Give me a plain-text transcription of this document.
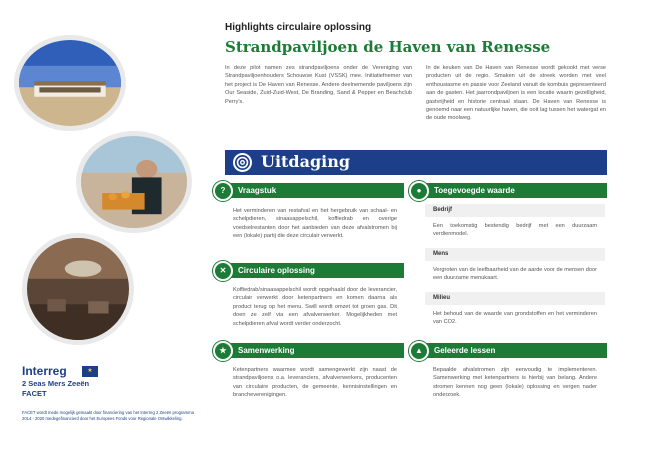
Interreg	★
2 Seas Mers Zeeën
FACET
FACET wordt mede mogelijk gemaakt door financiering van het Interreg 2 Zeeën programma 2014 - 2020 medegefinancierd door het Europees Fonds voor Regionale Ontwikkeling.
Highlights circulaire oplossing
Strandpaviljoen de Haven van Renesse
In deze pilot namen zes strandpaviljoens onder de Vereniging van Strandpaviljoenhouders Schouwse Kust (VSSK) mee. Initiatiefnemer van het project is De Haven van Renesse. Andere deelnemende paviljoens zijn Our Seaside, Zuid-Zuid-West, De Branding, Sand & Pepper en Beachclub Perry's.
In de keuken van De Haven van Renesse wordt gekookt met verse producten uit de regio. Smaken uit de streek worden met veel enthousiasme en passie voor Zeeland vanuit de kombuis gepresenteerd aan de gasten. Het jaarrondpaviljoen is een locatie waarin gezelligheid, gastvrijheid en historie centraal staan. De Haven van Renesse is genoemd naar een natuurlijke haven, die ooit lag tussen het watergat en de oude moolweg.
Uitdaging
Vraagstuk
?
Het verminderen van restafval en het hergebruik van schaal- en schelpdieren, sinaasappelschil, koffiedrab en overige voedselrestanten door het aanbieden van deze afvalstromen bij een (lokale) partij die deze circulair verwerkt.
Circulaire oplossing
✕
Koffiedrab/sinaasappelschil wordt opgehaald door de leverancier, circulair verwerkt door ketenpartners en komen daarna als product terug op het menu. Swill wordt omzet tot groen gas. Dit doen ze zelf via een afvalverwerker. Mogelijkheden met schelpdieren afval wordt verder onderzocht.
Samenwerking
★
Ketenpartners waarmee wordt samengewerkt zijn naast de strandpaviljoens o.a. leveranciers, afvalverwerkers, producenten van circulaire producten, de gemeente, kennisinstellingen en brancheverenigingen.
Toegevoegde waarde
●
Bedrijf
Een toekomstig bestendig bedrijf met een duurzaam verdienmodel.
Mens
Vergroten van de leefbaarheid van de aarde voor de mensen door een duurzame menukaart.
Milieu
Het behoud van de waarde van grondstoffen en het verminderen van CO2.
Geleerde lessen
▲
Bepaalde afvalstromen zijn eenvoudig te implementeren. Samenwerking met ketenpartners is hierbij van belang. Andere stromen kennen nog geen (lokale) oplossing en vergen nader onderzoek.
